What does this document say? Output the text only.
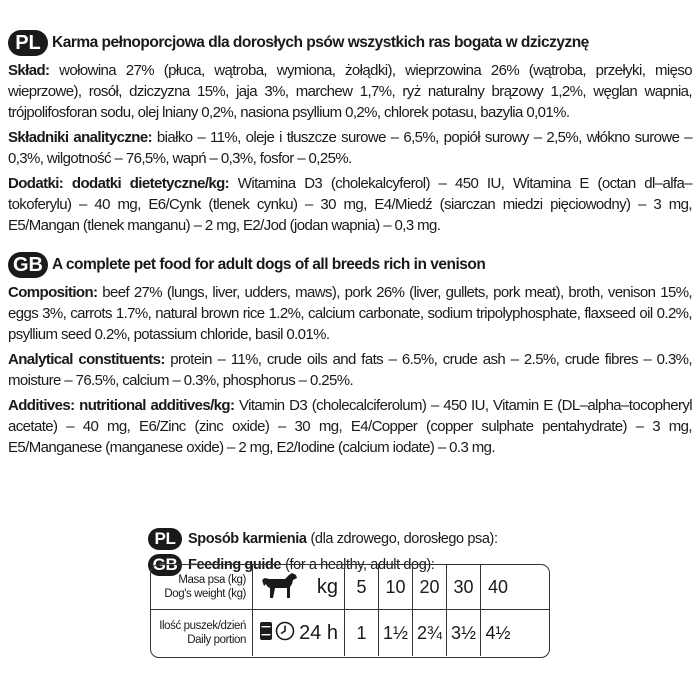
PL Karma pełnoporcjowa dla dorosłych psów wszystkich ras bogata w dziczyznę

Skład: wołowina 27% (płuca, wątroba, wymiona, żołądki), wieprzowina 26% (wątroba, przełyki, mięso wieprzowe), rosół, dziczyzna 15%, jaja 3%, marchew 1,7%, ryż naturalny brązowy 1,2%, węglan wapnia, trójpolifosforan sodu, olej lniany 0,2%, nasiona psyllium 0,2%, chlorek potasu, bazylia 0,01%.

Składniki analityczne: białko – 11%, oleje i tłuszcze surowe – 6,5%, popiół surowy – 2,5%, włókno surowe – 0,3%, wilgotność – 76,5%, wapń – 0,3%, fosfor – 0,25%.

Dodatki: dodatki dietetyczne/kg: Witamina D3 (cholekalcyferol) – 450 IU, Witamina E (octan dl–alfa–tokoferylu) – 40 mg, E6/Cynk (tlenek cynku) – 30 mg, E4/Miedź (siarczan miedzi pięciowodny) – 3 mg, E5/Mangan (tlenek manganu) – 2 mg, E2/Jod (jodan wapnia) – 0,3 mg.

GB A complete pet food for adult dogs of all breeds rich in venison

Composition: beef 27% (lungs, liver, udders, maws), pork 26% (liver, gullets, pork meat), broth, venison 15%, eggs 3%, carrots 1.7%, natural brown rice 1.2%, calcium carbonate, sodium tripolyphosphate, flaxseed oil 0.2%, psyllium seed 0.2%, potassium chloride, basil 0.01%.

Analytical constituents: protein – 11%, crude oils and fats – 6.5%, crude ash – 2.5%, crude fibres – 0.3%, moisture – 76.5%, calcium – 0.3%, phosphorus – 0.25%.

Additives: nutritional additives/kg: Vitamin D3 (cholecalciferolum) – 450 IU, Vitamin E (DL–alpha–tocopheryl acetate) – 40 mg, E6/Zinc (zinc oxide) – 30 mg, E4/Copper (copper sulphate pentahydrate) – 3 mg, E5/Manganese (manganese oxide) – 2 mg, E2/Iodine (calcium iodate) – 0.3 mg.

PL Sposób karmienia (dla zdrowego, dorosłego psa):
GB Feeding guide (for a healthy, adult dog):
Masa psa (kg)
Dog's weight (kg)	kg	5	10 20 30 40
Ilość puszek/dzień
Daily portion	24 h	1 1½ 2¾ 3½ 4½
